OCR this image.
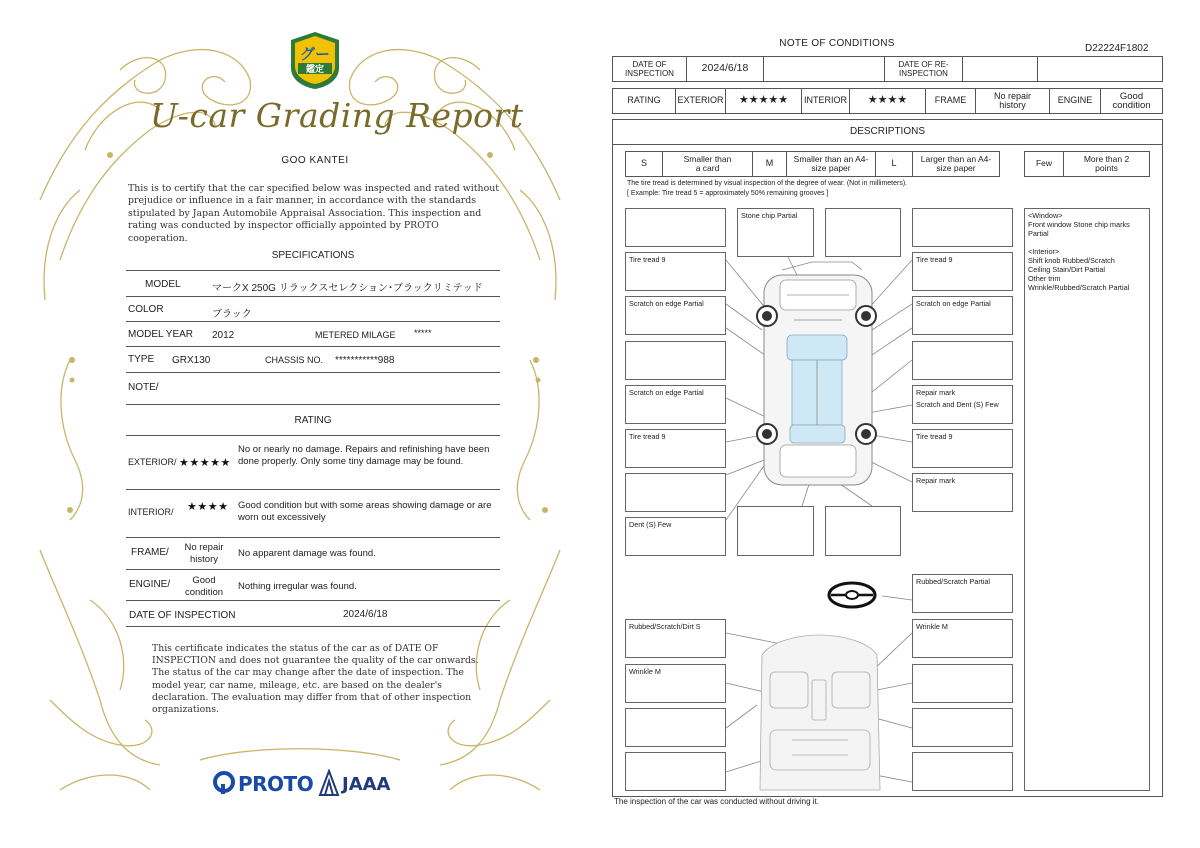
グー
鑑定
U-car Grading Report
GOO KANTEI
This is to certify that the car specified below was inspected and rated without prejudice or influence in a fair manner, in accordance with the standards stipulated by Japan Automobile Appraisal Association. This inspection and rating was conducted by inspector officially appointed by PROTO cooperation.
SPECIFICATIONS
MODEL	マークX 250G リラックスセレクション･ブラックリミテッド
COLOR	ブラック
MODEL YEAR 2012	METERED MILAGE *****
TYPE GRX130	CHASSIS NO. ***********988
NOTE/
RATING
EXTERIOR/ ★★★★★
No or nearly no damage. Repairs and refinishing have been done properly. Only some tiny damage may be found.
INTERIOR/ ★★★★ Good condition but with some areas showing damage or are worn out excessively
FRAME/	No repair history
No apparent damage was found.
ENGINE/	Good condition
Nothing irregular was found.
DATE OF INSPECTION	2024/6/18
This certificate indicates the status of the car as of DATE OF INSPECTION and does not guarantee the quality of the car onwards. The status of the car may change after the date of inspection. The model year, car name, mileage, etc. are based on the dealer's declaration. The evaluation may differ from that of other inspection organizations.
PROTO JAAA
NOTE OF CONDITIONS	D22224F1802
DATE OF INSPECTION	2024/6/18	DATE OF RE-INSPECTION
RATING	EXTERIOR	★★★★★	INTERIOR	★★★★	FRAME	No repair history	ENGINE	Good condition
DESCRIPTIONS
S	Smaller than a card	M	Smaller than an A4-size paper	L	Larger than an A4-size paper	Few	More than 2 points
The tire tread is determined by visual inspection of the degree of wear. (Not in millimeters).
[ Example: Tire tread 5 = approximately 50% remaining grooves ]
Tire tread 9
Scratch on edge Partial
Scratch on edge Partial
Tire tread 9
Dent (S) Few
Stone chip Partial
Tire tread 9
Scratch on edge Partial
Repair mark
Scratch and Dent (S) Few
Tire tread 9
Repair mark
Rubbed/Scratch Partial
Rubbed/Scratch/Dirt S	Wrinkle M
Wrinkle M
<Window>
Front window Stone chip marks Partial

<Interior>
Shift knob Rubbed/Scratch
Ceiling Stain/Dirt Partial
Other trim
Wrinkle/Rubbed/Scratch Partial
The inspection of the car was conducted without driving it.
